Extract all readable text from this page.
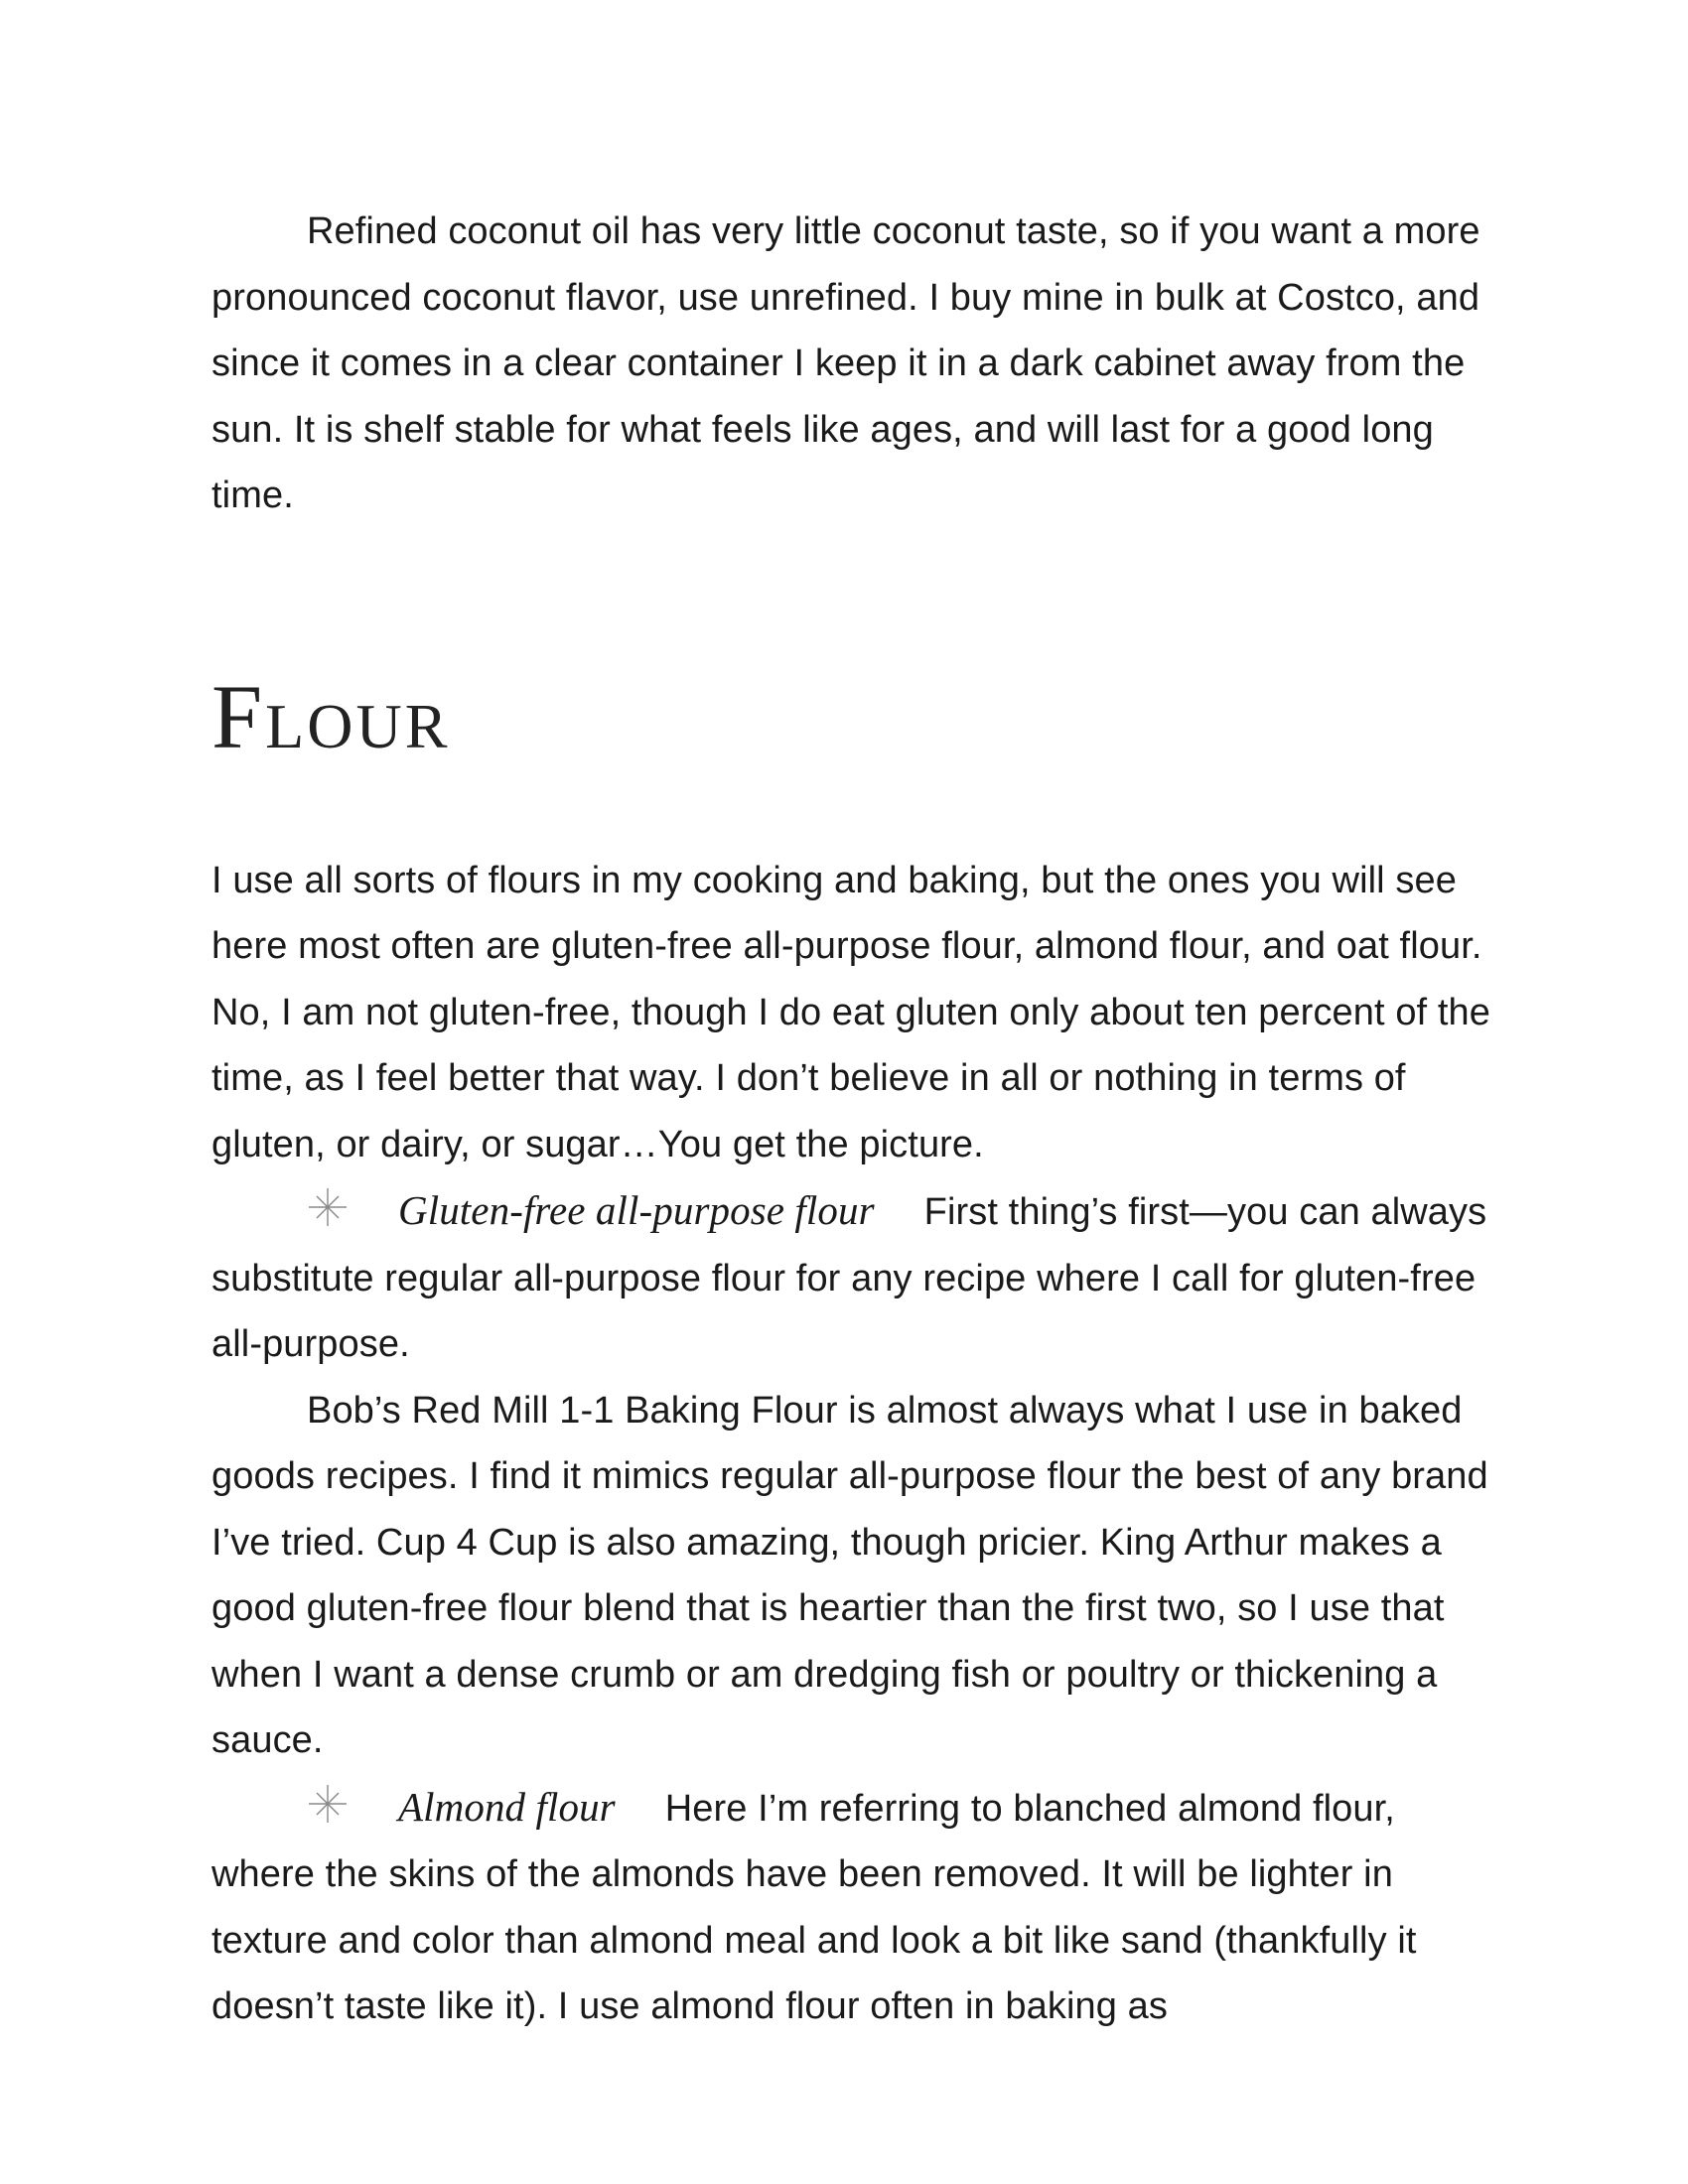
Refined coconut oil has very little coconut taste, so if you want a more pronounced coconut flavor, use unrefined. I buy mine in bulk at Costco, and since it comes in a clear container I keep it in a dark cabinet away from the sun. It is shelf stable for what feels like ages, and will last for a good long time.

Flour

I use all sorts of flours in my cooking and baking, but the ones you will see here most often are gluten-free all-purpose flour, almond flour, and oat flour. No, I am not gluten-free, though I do eat gluten only about ten percent of the time, as I feel better that way. I don’t believe in all or nothing in terms of gluten, or dairy, or sugar…You get the picture.

Gluten-free all-purpose flour First thing’s first—you can always substitute regular all-purpose flour for any recipe where I call for gluten-free all-purpose.

Bob’s Red Mill 1-1 Baking Flour is almost always what I use in baked goods recipes. I find it mimics regular all-purpose flour the best of any brand I’ve tried. Cup 4 Cup is also amazing, though pricier. King Arthur makes a good gluten-free flour blend that is heartier than the first two, so I use that when I want a dense crumb or am dredging fish or poultry or thickening a sauce.

Almond flour Here I’m referring to blanched almond flour, where the skins of the almonds have been removed. It will be lighter in texture and color than almond meal and look a bit like sand (thankfully it doesn’t taste like it). I use almond flour often in baking as
